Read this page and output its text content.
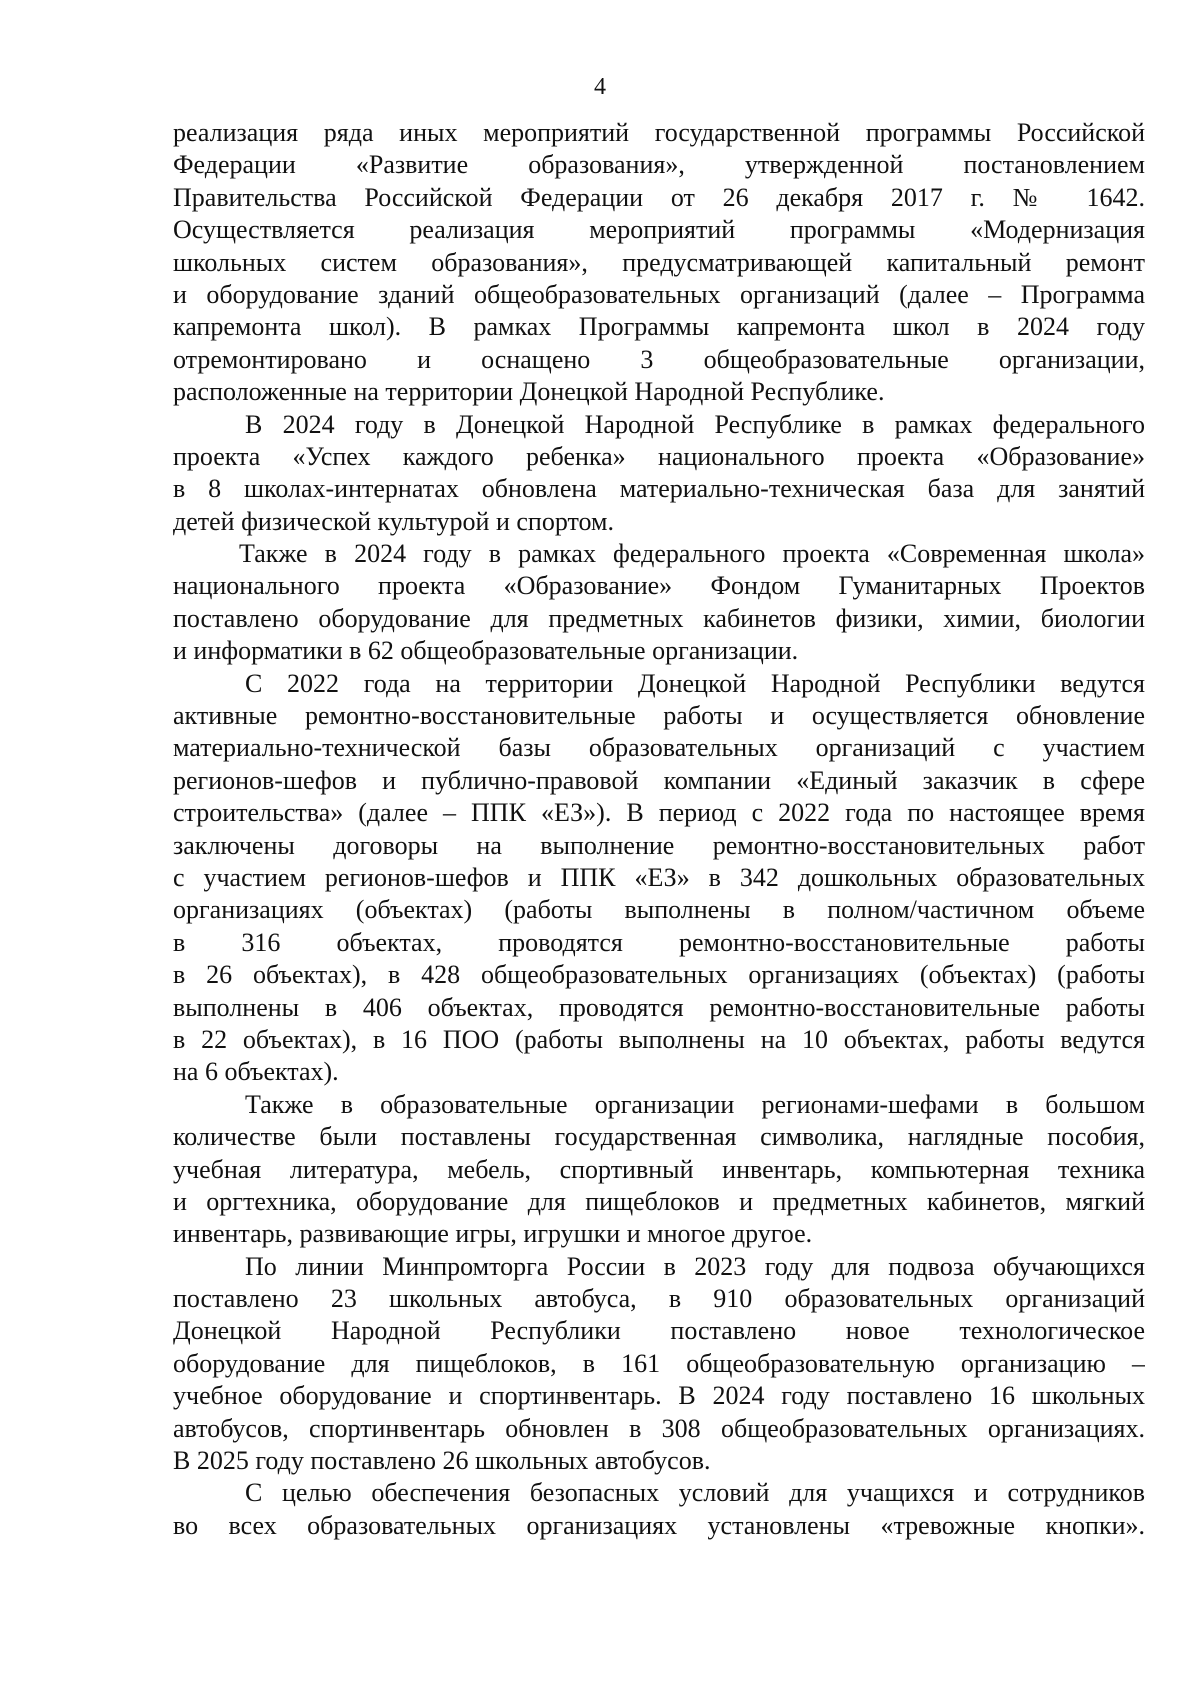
4
реализация ряда иных мероприятий государственной программы Российской
Федерации «Развитие образования», утвержденной постановлением
Правительства Российской Федерации от 26 декабря 2017 г. № 1642.
Осуществляется реализация мероприятий программы «Модернизация
школьных систем образования», предусматривающей капитальный ремонт
и оборудование зданий общеобразовательных организаций (далее – Программа
капремонта школ). В рамках Программы капремонта школ в 2024 году
отремонтировано и оснащено 3 общеобразовательные организации,
расположенные на территории Донецкой Народной Республике.
В 2024 году в Донецкой Народной Республике в рамках федерального
проекта «Успех каждого ребенка» национального проекта «Образование»
в 8 школах-интернатах обновлена материально-техническая база для занятий
детей физической культурой и спортом.
Также в 2024 году в рамках федерального проекта «Современная школа»
национального проекта «Образование» Фондом Гуманитарных Проектов
поставлено оборудование для предметных кабинетов физики, химии, биологии
и информатики в 62 общеобразовательные организации.
С 2022 года на территории Донецкой Народной Республики ведутся
активные ремонтно-восстановительные работы и осуществляется обновление
материально-технической базы образовательных организаций с участием
регионов-шефов и публично-правовой компании «Единый заказчик в сфере
строительства» (далее – ППК «ЕЗ»). В период с 2022 года по настоящее время
заключены договоры на выполнение ремонтно-восстановительных работ
с участием регионов-шефов и ППК «ЕЗ» в 342 дошкольных образовательных
организациях (объектах) (работы выполнены в полном/частичном объеме
в 316 объектах, проводятся ремонтно-восстановительные работы
в 26 объектах), в 428 общеобразовательных организациях (объектах) (работы
выполнены в 406 объектах, проводятся ремонтно-восстановительные работы
в 22 объектах), в 16 ПОО (работы выполнены на 10 объектах, работы ведутся
на 6 объектах).
Также в образовательные организации регионами-шефами в большом
количестве были поставлены государственная символика, наглядные пособия,
учебная литература, мебель, спортивный инвентарь, компьютерная техника
и оргтехника, оборудование для пищеблоков и предметных кабинетов, мягкий
инвентарь, развивающие игры, игрушки и многое другое.
По линии Минпромторга России в 2023 году для подвоза обучающихся
поставлено 23 школьных автобуса, в 910 образовательных организаций
Донецкой Народной Республики поставлено новое технологическое
оборудование для пищеблоков, в 161 общеобразовательную организацию –
учебное оборудование и спортинвентарь. В 2024 году поставлено 16 школьных
автобусов, спортинвентарь обновлен в 308 общеобразовательных организациях.
В 2025 году поставлено 26 школьных автобусов.
С целью обеспечения безопасных условий для учащихся и сотрудников
во всех образовательных организациях установлены «тревожные кнопки».
